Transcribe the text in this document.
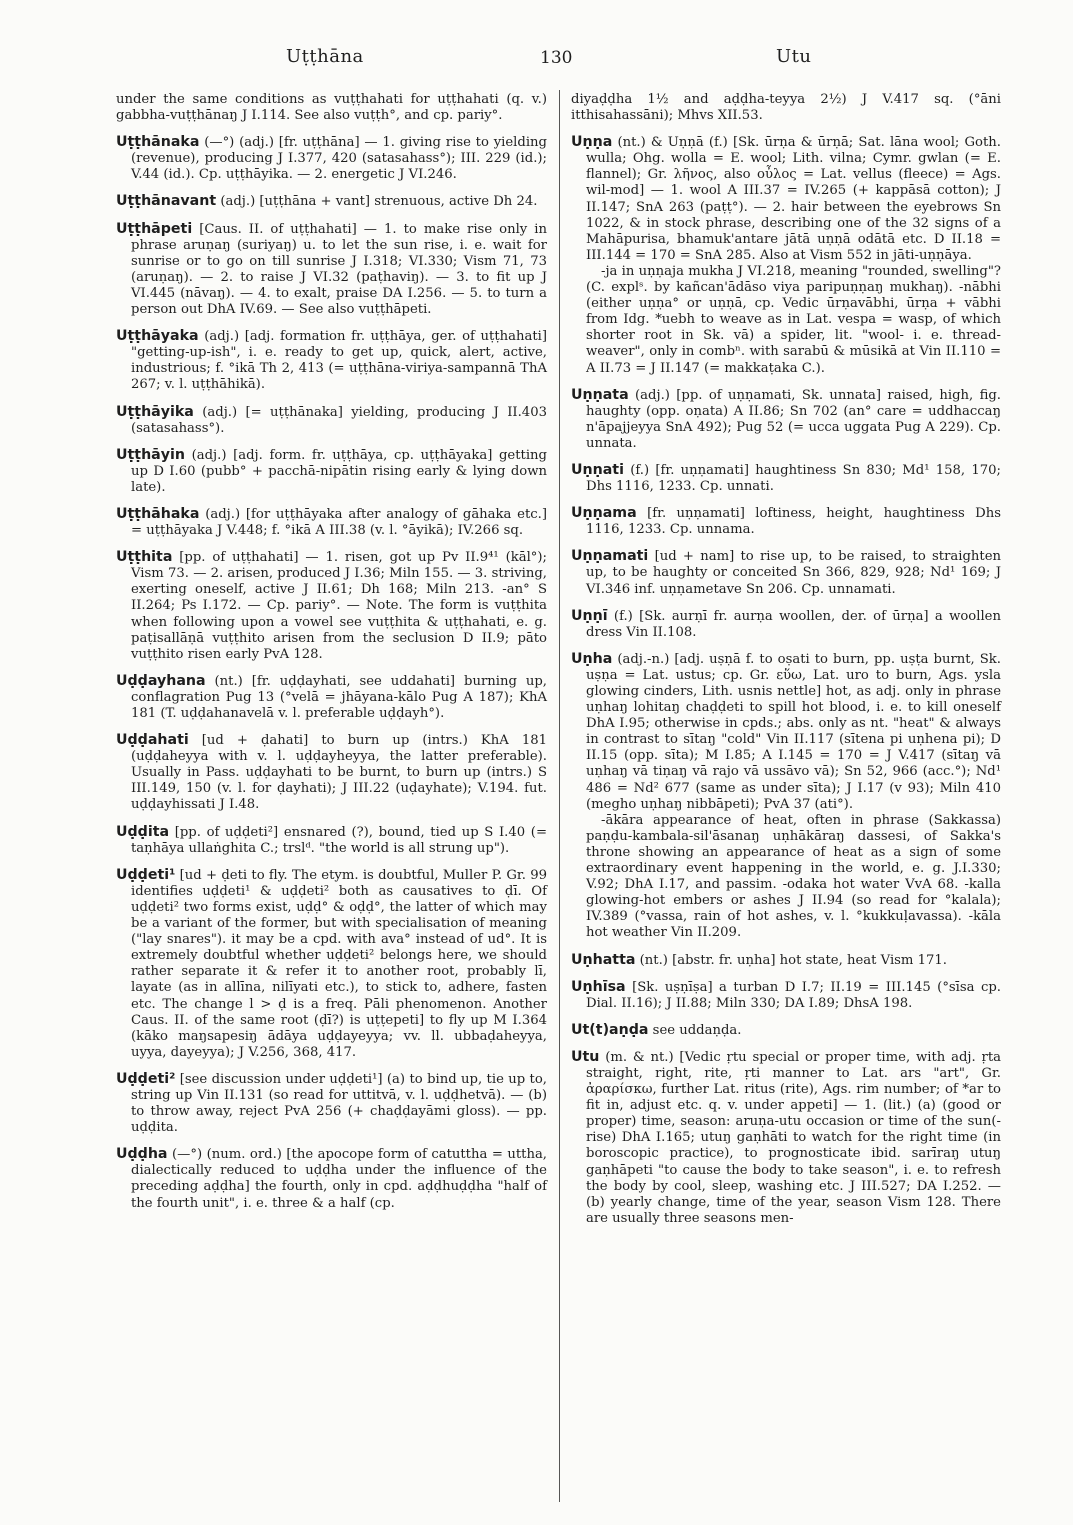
Uṭṭhāna	130	Utu
under the same conditions as vuṭṭhahati for uṭṭhahati (q. v.) gabbha-vuṭṭhānaŋ J I.114. See also vuṭṭh°, and cp. pariy°.
Uṭṭhānaka (—°) (adj.) [fr. uṭṭhāna] — 1. giving rise to yielding (revenue), producing J I.377, 420 (satasahass°); III. 229 (id.); V.44 (id.). Cp. uṭṭhāyika. — 2. energetic J VI.246.
Uṭṭhānavant (adj.) [uṭṭhāna + vant] strenuous, active Dh 24.
Uṭṭhāpeti [Caus. II. of uṭṭhahati] — 1. to make rise only in phrase aruṇaŋ (suriyaŋ) u. to let the sun rise, i. e. wait for sunrise or to go on till sunrise J I.318; VI.330; Vism 71, 73 (aruṇaŋ). — 2. to raise J VI.32 (paṭhaviŋ). — 3. to fit up J VI.445 (nāvaŋ). — 4. to exalt, praise DA I.256. — 5. to turn a person out DhA IV.69. — See also vuṭṭhāpeti.
Uṭṭhāyaka (adj.) [adj. formation fr. uṭṭhāya, ger. of uṭṭhahati] "getting-up-ish", i. e. ready to get up, quick, alert, active, industrious; f. °ikā Th 2, 413 (= uṭṭhāna-viriya-sampannā ThA 267; v. l. uṭṭhāhikā).
Uṭṭhāyika (adj.) [= uṭṭhānaka] yielding, producing J II.403 (satasahass°).
Uṭṭhāyin (adj.) [adj. form. fr. uṭṭhāya, cp. uṭṭhāyaka] getting up D I.60 (pubb° + pacchā-nipātin rising early & lying down late).
Uṭṭhāhaka (adj.) [for uṭṭhāyaka after analogy of gāhaka etc.] = uṭṭhāyaka J V.448; f. °ikā A III.38 (v. l. °āyikā); IV.266 sq.
Uṭṭhita [pp. of uṭṭhahati] — 1. risen, got up Pv II.9⁴¹ (kāl°); Vism 73. — 2. arisen, produced J I.36; Miln 155. — 3. striving, exerting oneself, active J II.61; Dh 168; Miln 213. -an° S II.264; Ps I.172. — Cp. pariy°. — Note. The form is vuṭṭhita when following upon a vowel see vuṭṭhita & uṭṭhahati, e. g. paṭisallāṇā vuṭṭhito arisen from the seclusion D II.9; pāto vuṭṭhito risen early PvA 128.
Uḍḍayhana (nt.) [fr. uḍḍayhati, see uddahati] burning up, conflagration Pug 13 (°velā = jhāyana-kālo Pug A 187); KhA 181 (T. uḍḍahanavelā v. l. preferable uḍḍayh°).
Uḍḍahati [ud + ḍahati] to burn up (intrs.) KhA 181 (uḍḍaheyya with v. l. uḍḍayheyya, the latter preferable). Usually in Pass. uḍḍayhati to be burnt, to burn up (intrs.) S III.149, 150 (v. l. for ḍayhati); J III.22 (uḍayhate); V.194. fut. uḍḍayhissati J I.48.
Uḍḍita [pp. of uḍḍeti²] ensnared (?), bound, tied up S I.40 (= taṇhāya ullaṅghita C.; trslᵈ. "the world is all strung up").
Uḍḍeti¹ [ud + ḍeti to fly. The etym. is doubtful, Muller P. Gr. 99 identifies uḍḍeti¹ & uḍḍeti² both as causatives to ḍī. Of uḍḍeti² two forms exist, uḍḍ° & oḍḍ°, the latter of which may be a variant of the former, but with specialisation of meaning ("lay snares"). it may be a cpd. with ava° instead of ud°. It is extremely doubtful whether uḍḍeti² belongs here, we should rather separate it & refer it to another root, probably lī, layate (as in allīna, nilīyati etc.), to stick to, adhere, fasten etc. The change l > ḍ is a freq. Pāli phenomenon. Another Caus. II. of the same root (ḍī?) is uṭṭepeti] to fly up M I.364 (kāko maŋsapesiŋ ādāya uḍḍayeyya; vv. ll. ubbaḍaheyya, uyya, dayeyya); J V.256, 368, 417.
Uḍḍeti² [see discussion under uḍḍeti¹] (a) to bind up, tie up to, string up Vin II.131 (so read for uttitvā, v. l. uḍḍhetvā). — (b) to throw away, reject PvA 256 (+ chaḍḍayāmi gloss). — pp. uḍḍita.
Uḍḍha (—°) (num. ord.) [the apocope form of catuttha = uttha, dialectically reduced to uḍḍha under the influence of the preceding aḍḍha] the fourth, only in cpd. aḍḍhuḍḍha "half of the fourth unit", i. e. three & a half (cp.
diyaḍḍha 1½ and aḍḍha-teyya 2½) J V.417 sq. (°āni itthisahassāni); Mhvs XII.53.
Uṇṇa (nt.) & Uṇṇā (f.) [Sk. ūrṇa & ūrṇā; Sat. lāna wool; Goth. wulla; Ohg. wolla = E. wool; Lith. vilna; Cymr. gwlan (= E. flannel); Gr. λῆνος, also οὖλος = Lat. vellus (fleece) = Ags. wil-mod] — 1. wool A III.37 = IV.265 (+ kappāsā cotton); J II.147; SnA 263 (paṭṭ°). — 2. hair between the eyebrows Sn 1022, & in stock phrase, describing one of the 32 signs of a Mahāpurisa, bhamuk'antare jātā uṇṇā odātā etc. D II.18 = III.144 = 170 = SnA 285. Also at Vism 552 in jāti-uṇṇāya.
-ja in uṇṇaja mukha J VI.218, meaning "rounded, swelling"? (C. explˢ. by kañcan'ādāso viya paripuṇṇaŋ mukhaŋ). -nābhi (either uṇṇa° or uṇṇā, cp. Vedic ūrṇavābhi, ūrṇa + vābhi from Idg. *uebh to weave as in Lat. vespa = wasp, of which shorter root in Sk. vā) a spider, lit. "wool- i. e. thread-weaver", only in combⁿ. with sarabū & mūsikā at Vin II.110 = A II.73 = J II.147 (= makkaṭaka C.).
Uṇṇata (adj.) [pp. of uṇṇamati, Sk. unnata] raised, high, fig. haughty (opp. oṇata) A II.86; Sn 702 (an° care = uddhaccaŋ n'āpajjeyya SnA 492); Pug 52 (= ucca uggata Pug A 229). Cp. unnata.
Uṇṇati (f.) [fr. uṇṇamati] haughtiness Sn 830; Md¹ 158, 170; Dhs 1116, 1233. Cp. unnati.
Uṇṇama [fr. uṇṇamati] loftiness, height, haughtiness Dhs 1116, 1233. Cp. unnama.
Uṇṇamati [ud + nam] to rise up, to be raised, to straighten up, to be haughty or conceited Sn 366, 829, 928; Nd¹ 169; J VI.346 inf. uṇṇametave Sn 206. Cp. unnamati.
Uṇṇī (f.) [Sk. aurṇī fr. aurṇa woollen, der. of ūrṇa] a woollen dress Vin II.108.
Uṇha (adj.-n.) [adj. uṣṇā f. to oṣati to burn, pp. uṣṭa burnt, Sk. uṣṇa = Lat. ustus; cp. Gr. εὕω, Lat. uro to burn, Ags. ysla glowing cinders, Lith. usnis nettle] hot, as adj. only in phrase uṇhaŋ lohitaŋ chaḍḍeti to spill hot blood, i. e. to kill oneself DhA I.95; otherwise in cpds.; abs. only as nt. "heat" & always in contrast to sītaŋ "cold" Vin II.117 (sītena pi uṇhena pi); D II.15 (opp. sīta); M I.85; A I.145 = 170 = J V.417 (sītaŋ vā uṇhaŋ vā tiṇaŋ vā rajo vā ussāvo vā); Sn 52, 966 (acc.°); Nd¹ 486 = Nd² 677 (same as under sīta); J I.17 (v 93); Miln 410 (megho uṇhaŋ nibbāpeti); PvA 37 (ati°).
-ākāra appearance of heat, often in phrase (Sakkassa) paṇḍu-kambala-sil'āsanaŋ uṇhākāraŋ dassesi, of Sakka's throne showing an appearance of heat as a sign of some extraordinary event happening in the world, e. g. J.I.330; V.92; DhA I.17, and passim. -odaka hot water VvA 68. -kalla glowing-hot embers or ashes J II.94 (so read for °kalala); IV.389 (°vassa, rain of hot ashes, v. l. °kukkuḷavassa). -kāla hot weather Vin II.209.
Uṇhatta (nt.) [abstr. fr. uṇha] hot state, heat Vism 171.
Uṇhīsa [Sk. uṣṇīṣa] a turban D I.7; II.19 = III.145 (°sīsa cp. Dial. II.16); J II.88; Miln 330; DA I.89; DhsA 198.
Ut(t)aṇḍa see uddaṇḍa.
Utu (m. & nt.) [Vedic ṛtu special or proper time, with adj. ṛta straight, right, rite, ṛti manner to Lat. ars "art", Gr. ἀραρίσκω, further Lat. ritus (rite), Ags. rim number; of *ar to fit in, adjust etc. q. v. under appeti] — 1. (lit.) (a) (good or proper) time, season: aruṇa-utu occasion or time of the sun(-rise) DhA I.165; utuŋ gaṇhāti to watch for the right time (in boroscopic practice), to prognosticate ibid. sarīraŋ utuŋ gaṇhāpeti "to cause the body to take season", i. e. to refresh the body by cool, sleep, washing etc. J III.527; DA I.252. — (b) yearly change, time of the year, season Vism 128. There are usually three seasons men-
